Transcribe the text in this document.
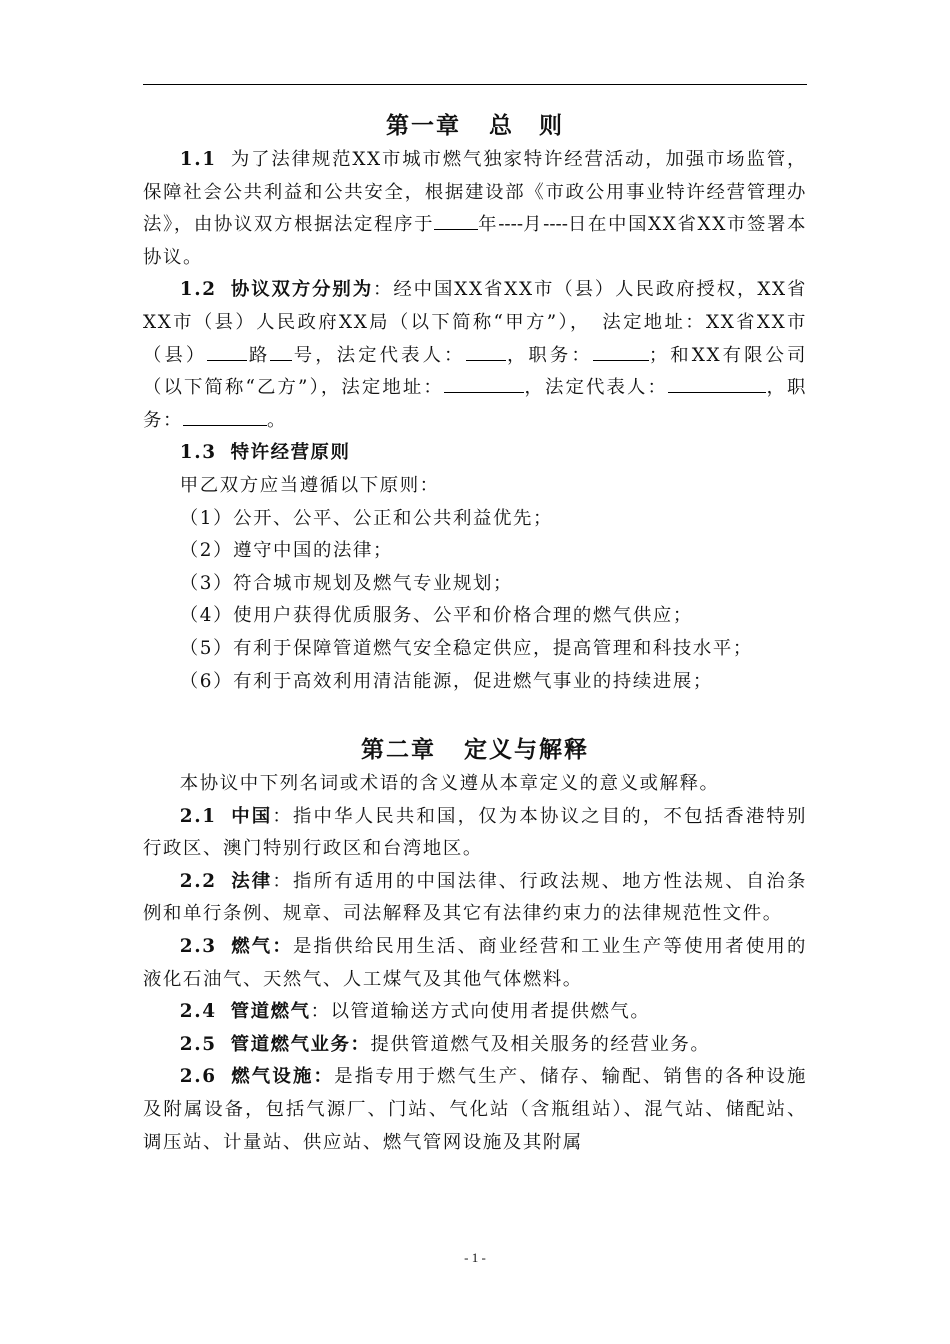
第一章 总　则

1.1 为了法律规范XX市城市燃气独家特许经营活动，加强市场监管，保障社会公共利益和公共安全，根据建设部《市政公用事业特许经营管理办法》，由协议双方根据法定程序于 年----月----日在中国XX省XX市签署本协议。

1.2 协议双方分别为：经中国XX省XX市（县）人民政府授权，XX省XX市（县）人民政府XX局（以下简称“甲方”），　法定地址：XX省XX市（县） 路 号，法定代表人： ，职务：	；和XX有限公司（以下简称“乙方”），法定地址：	，法定代表人：	，职务：	。

1.3 特许经营原则

甲乙双方应当遵循以下原则：

（1）公开、公平、公正和公共利益优先；

（2）遵守中国的法律；

（3）符合城市规划及燃气专业规划；

（4）使用户获得优质服务、公平和价格合理的燃气供应；

（5）有利于保障管道燃气安全稳定供应，提高管理和科技水平；

（6）有利于高效利用清洁能源，促进燃气事业的持续进展；

第二章 定义与解释

本协议中下列名词或术语的含义遵从本章定义的意义或解释。

2.1 中国：指中华人民共和国，仅为本协议之目的，不包括香港特别行政区、澳门特别行政区和台湾地区。

2.2 法律：指所有适用的中国法律、行政法规、地方性法规、自治条例和单行条例、规章、司法解释及其它有法律约束力的法律规范性文件。

2.3 燃气：是指供给民用生活、商业经营和工业生产等使用者使用的液化石油气、天然气、人工煤气及其他气体燃料。

2.4 管道燃气：以管道输送方式向使用者提供燃气。

2.5 管道燃气业务：提供管道燃气及相关服务的经营业务。

2.6 燃气设施：是指专用于燃气生产、储存、输配、销售的各种设施及附属设备，包括气源厂、门站、气化站（含瓶组站）、混气站、储配站、调压站、计量站、供应站、燃气管网设施及其附属

- 1 -
